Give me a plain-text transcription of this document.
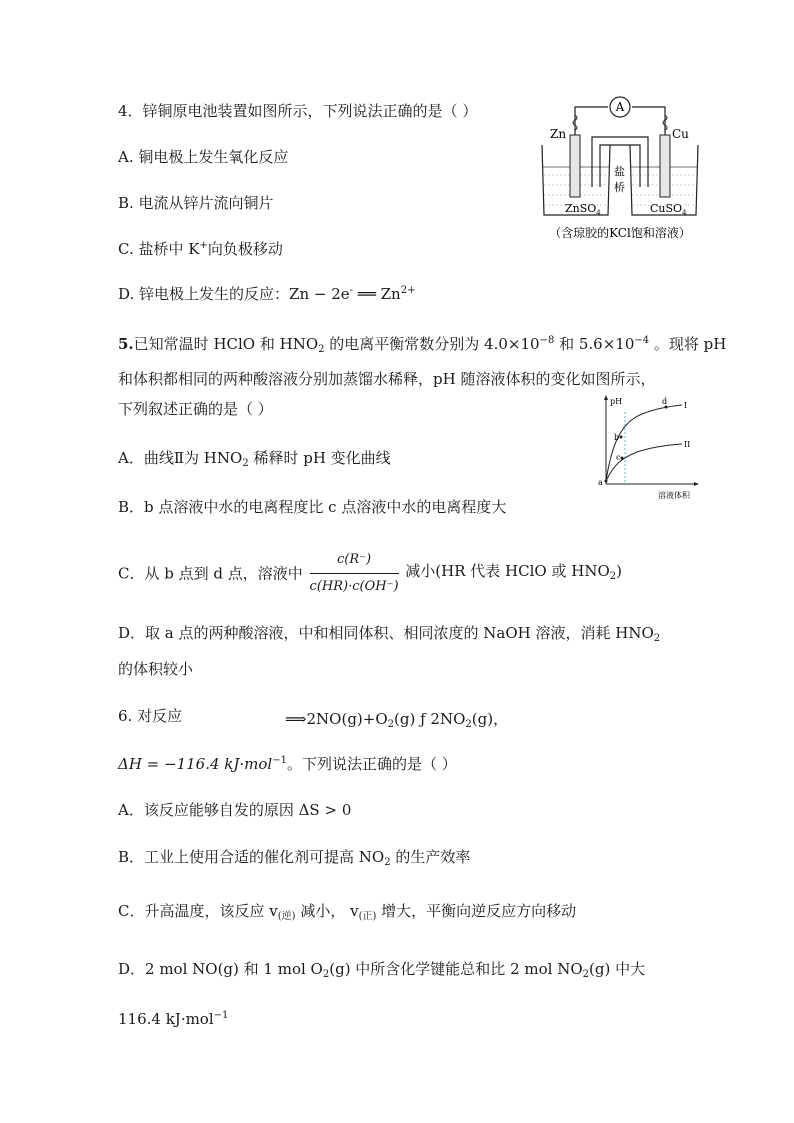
4．锌铜原电池装置如图所示，下列说法正确的是（ ）
A. 铜电极上发生氧化反应
B. 电流从锌片流向铜片
C. 盐桥中 K+向负极移动
D. 锌电极上发生的反应：Zn − 2e- ══ $Zn^{2+}$
A
Zn	Cu
ZnSO$_4$	CuSO$_4$
盐
桥
（含琼胶的KCl饱和溶液）
5.已知常温时 HClO 和 $HNO_2$ 的电离平衡常数分别为 $4.0\times 10^{-8}$ 和 $5.6\times 10^{-4}$ 。现将 pH
和体积都相同的两种酸溶液分别加蒸馏水稀释，pH 随溶液体积的变化如图所示，
下列叙述正确的是（ ）
A．曲线Ⅱ为 $HNO_2$ 稀释时 pH 变化曲线
B．b 点溶液中水的电离程度比 c 点溶液中水的电离程度大
C．从 b 点到 d 点，溶液中 $\frac{c(R^-)}{c(HR)\cdot c(OH^-)}$ 减小(HR 代表 HClO 或 $HNO_2$)
D．取 a 点的两种酸溶液，中和相同体积、相同浓度的 NaOH 溶液，消耗 $HNO_2$
的体积较小
pH
溶液体积
a
b
c
d I
II
6. 对反应	$⟹2NO(g)+O_2(g)$ ƒ $2NO_2(g)$，
ΔH = −116.4 kJ·mol$^{-1}$。下列说法正确的是（ ）
A．该反应能够自发的原因 ΔS > 0
B．工业上使用合适的催化剂可提高 $NO_2$ 的生产效率
C．升高温度，该反应 $v_{(逆)}$ 减小， $v_{(正)}$ 增大，平衡向逆反应方向移动
D．2 mol NO(g) 和 1 mol $O_2(g)$ 中所含化学键能总和比 2 mol $NO_2(g)$ 中大
116.4 kJ·mol$^{-1}$
